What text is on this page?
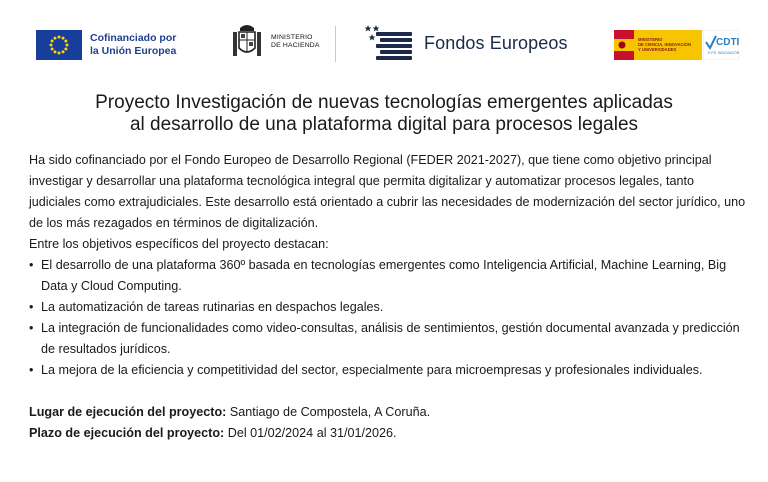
Cofinanciado por
la Unión Europea
MINISTERIO
DE HACIENDA	Fondos Europeos	MINISTERIO
DE CIENCIA, INNOVACIÓN
Y UNIVERSIDADES
CDTI
E.P.E. INNOVACIÓN
Proyecto Investigación de nuevas tecnologías emergentes aplicadas
al desarrollo de una plataforma digital para procesos legales

Ha sido cofinanciado por el Fondo Europeo de Desarrollo Regional (FEDER 2021-2027), que tiene como objetivo principal investigar y desarrollar una plataforma tecnológica integral que permita digitalizar y automatizar procesos legales, tanto judiciales como extrajudiciales. Este desarrollo está orientado a cubrir las necesidades de modernización del sector jurídico, uno de los más rezagados en términos de digitalización.

Entre los objetivos específicos del proyecto destacan:

• El desarrollo de una plataforma 360º basada en tecnologías emergentes como Inteligencia Artificial, Machine Learning, Big Data y Cloud Computing.
• La automatización de tareas rutinarias en despachos legales.
• La integración de funcionalidades como video-consultas, análisis de sentimientos, gestión documental avanzada y predicción de resultados jurídicos.
• La mejora de la eficiencia y competitividad del sector, especialmente para microempresas y profesionales individuales.

Lugar de ejecución del proyecto: Santiago de Compostela, A Coruña.

Plazo de ejecución del proyecto: Del 01/02/2024 al 31/01/2026.
